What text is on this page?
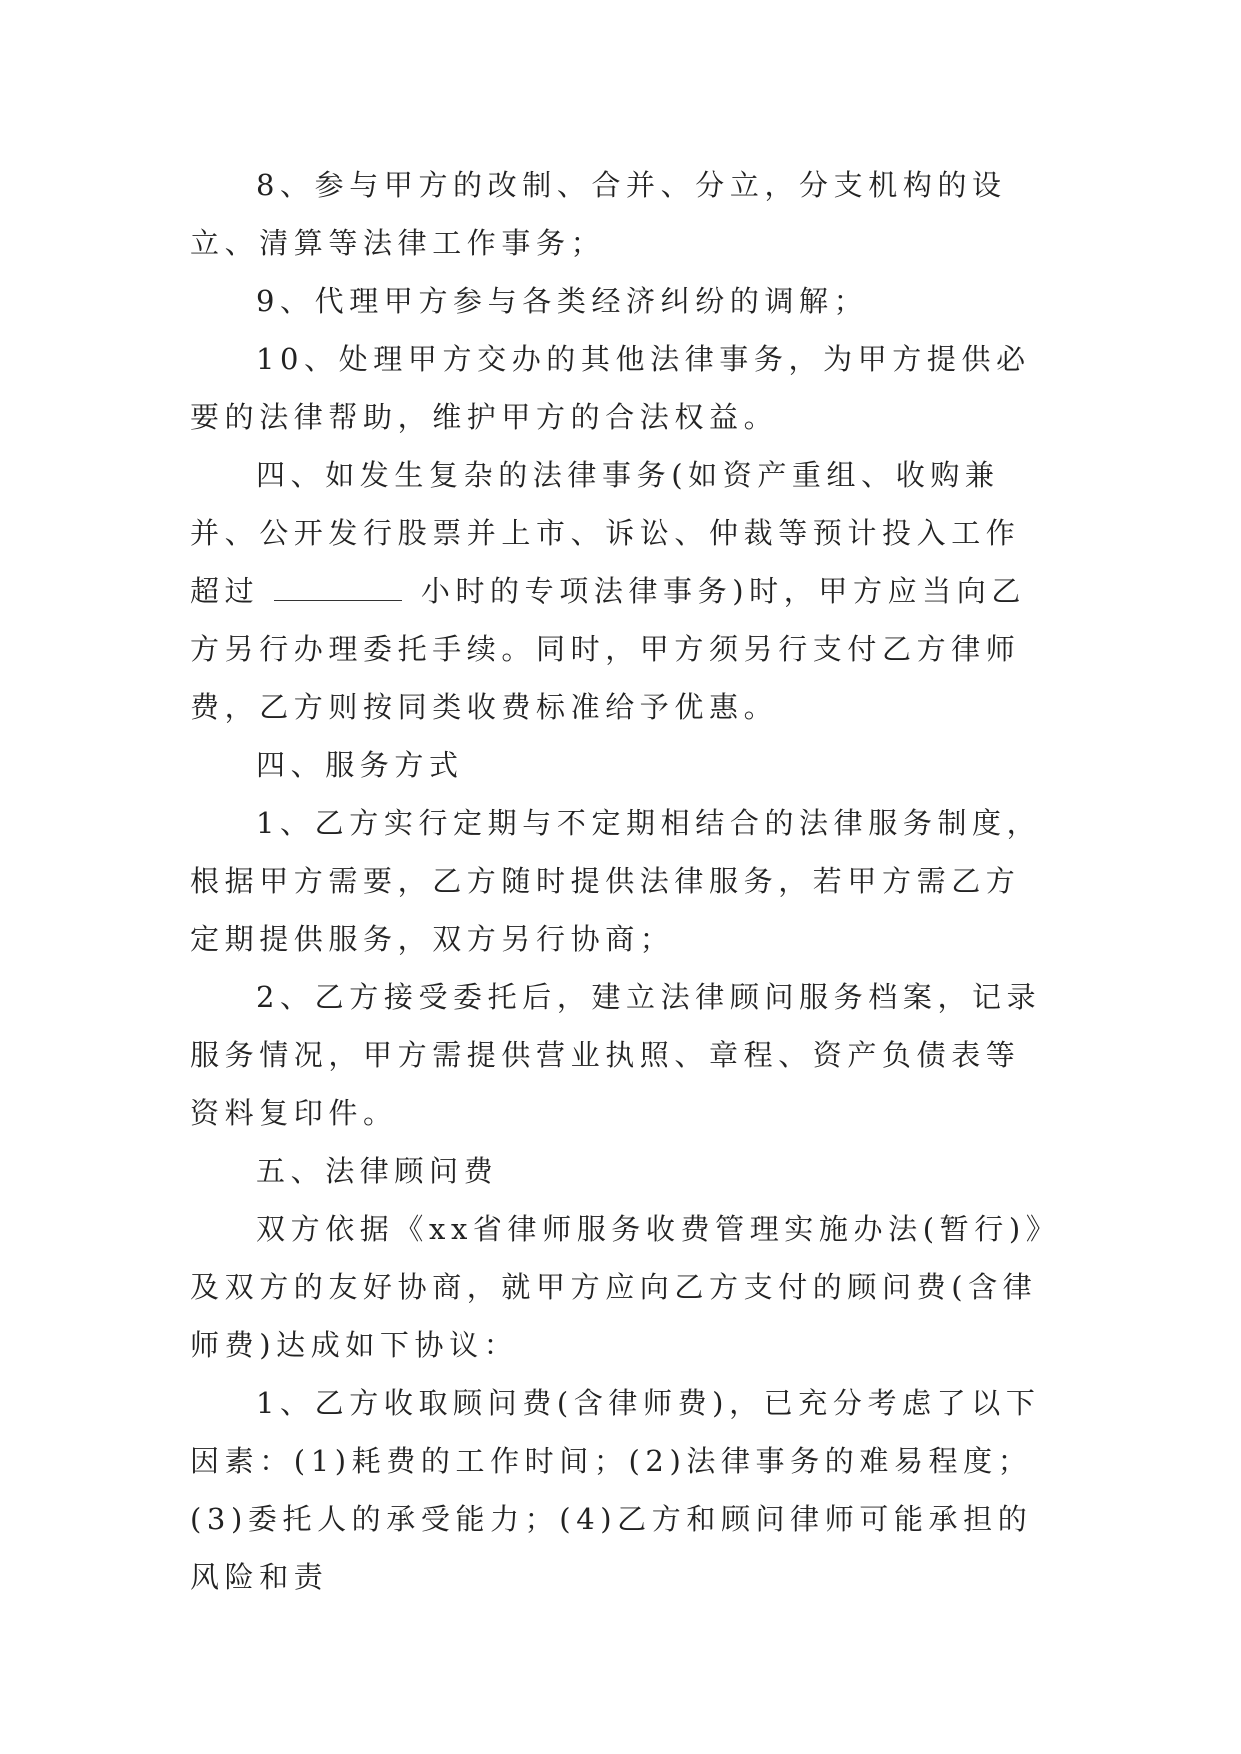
8、参与甲方的改制、合并、分立，分支机构的设立、清算等法律工作事务；

9、代理甲方参与各类经济纠纷的调解；

10、处理甲方交办的其他法律事务，为甲方提供必要的法律帮助，维护甲方的合法权益。

四、如发生复杂的法律事务(如资产重组、收购兼并、公开发行股票并上市、诉讼、仲裁等预计投入工作超过	小时的专项法律事务)时，甲方应当向乙方另行办理委托手续。同时，甲方须另行支付乙方律师费，乙方则按同类收费标准给予优惠。

四、服务方式

1、乙方实行定期与不定期相结合的法律服务制度，根据甲方需要，乙方随时提供法律服务，若甲方需乙方定期提供服务，双方另行协商；

2、乙方接受委托后，建立法律顾问服务档案，记录服务情况，甲方需提供营业执照、章程、资产负债表等资料复印件。

五、法律顾问费

双方依据《xx省律师服务收费管理实施办法(暂行)》及双方的友好协商，就甲方应向乙方支付的顾问费(含律师费)达成如下协议：

1、乙方收取顾问费(含律师费)，已充分考虑了以下因素：(1)耗费的工作时间；(2)法律事务的难易程度；(3)委托人的承受能力；(4)乙方和顾问律师可能承担的风险和责
